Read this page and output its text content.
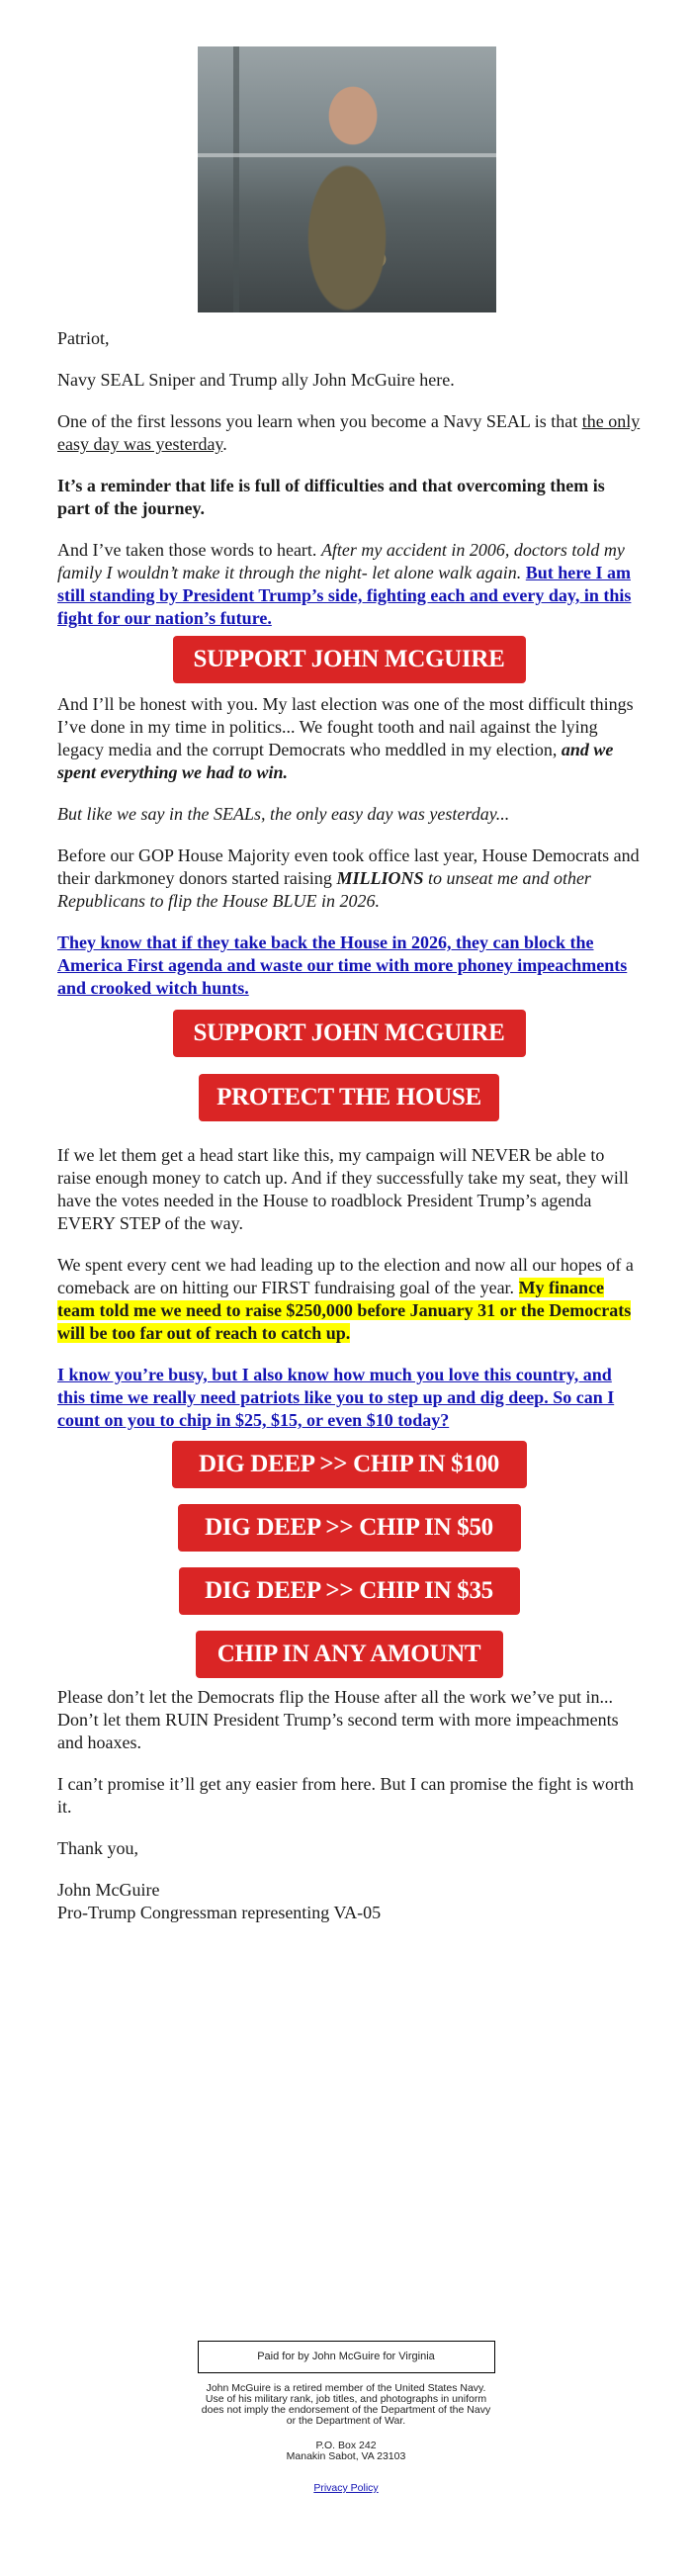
Patriot,

Navy SEAL Sniper and Trump ally John McGuire here.

One of the first lessons you learn when you become a Navy SEAL is that the only easy day was yesterday.

It’s a reminder that life is full of difficulties and that overcoming them is part of the journey.

And I’ve taken those words to heart. After my accident in 2006, doctors told my family I wouldn’t make it through the night- let alone walk again. But here I am still standing by President Trump’s side, fighting each and every day, in this fight for our nation’s future.

SUPPORT JOHN MCGUIRE

And I’ll be honest with you. My last election was one of the most difficult things I’ve done in my time in politics... We fought tooth and nail against the lying legacy media and the corrupt Democrats who meddled in my election, and we spent everything we had to win.

But like we say in the SEALs, the only easy day was yesterday...

Before our GOP House Majority even took office last year, House Democrats and their darkmoney donors started raising MILLIONS to unseat me and other Republicans to flip the House BLUE in 2026.

They know that if they take back the House in 2026, they can block the America First agenda and waste our time with more phoney impeachments and crooked witch hunts.

SUPPORT JOHN MCGUIRE
PROTECT THE HOUSE

If we let them get a head start like this, my campaign will NEVER be able to raise enough money to catch up. And if they successfully take my seat, they will have the votes needed in the House to roadblock President Trump’s agenda EVERY STEP of the way.

We spent every cent we had leading up to the election and now all our hopes of a comeback are on hitting our FIRST fundraising goal of the year. My finance team told me we need to raise $250,000 before January 31 or the Democrats will be too far out of reach to catch up.

I know you’re busy, but I also know how much you love this country, and this time we really need patriots like you to step up and dig deep. So can I count on you to chip in $25, $15, or even $10 today?

DIG DEEP >> CHIP IN $100
DIG DEEP >> CHIP IN $50
DIG DEEP >> CHIP IN $35
CHIP IN ANY AMOUNT

Please don’t let the Democrats flip the House after all the work we’ve put in... Don’t let them RUIN President Trump’s second term with more impeachments and hoaxes.

I can’t promise it’ll get any easier from here. But I can promise the fight is worth it.

Thank you,

John McGuire
Pro-Trump Congressman representing VA-05

Paid for by John McGuire for Virginia
John McGuire is a retired member of the United States Navy. Use of his military rank, job titles, and photographs in uniform does not imply the endorsement of the Department of the Navy or the Department of War.
P.O. Box 242
Manakin Sabot, VA 23103
Privacy Policy
